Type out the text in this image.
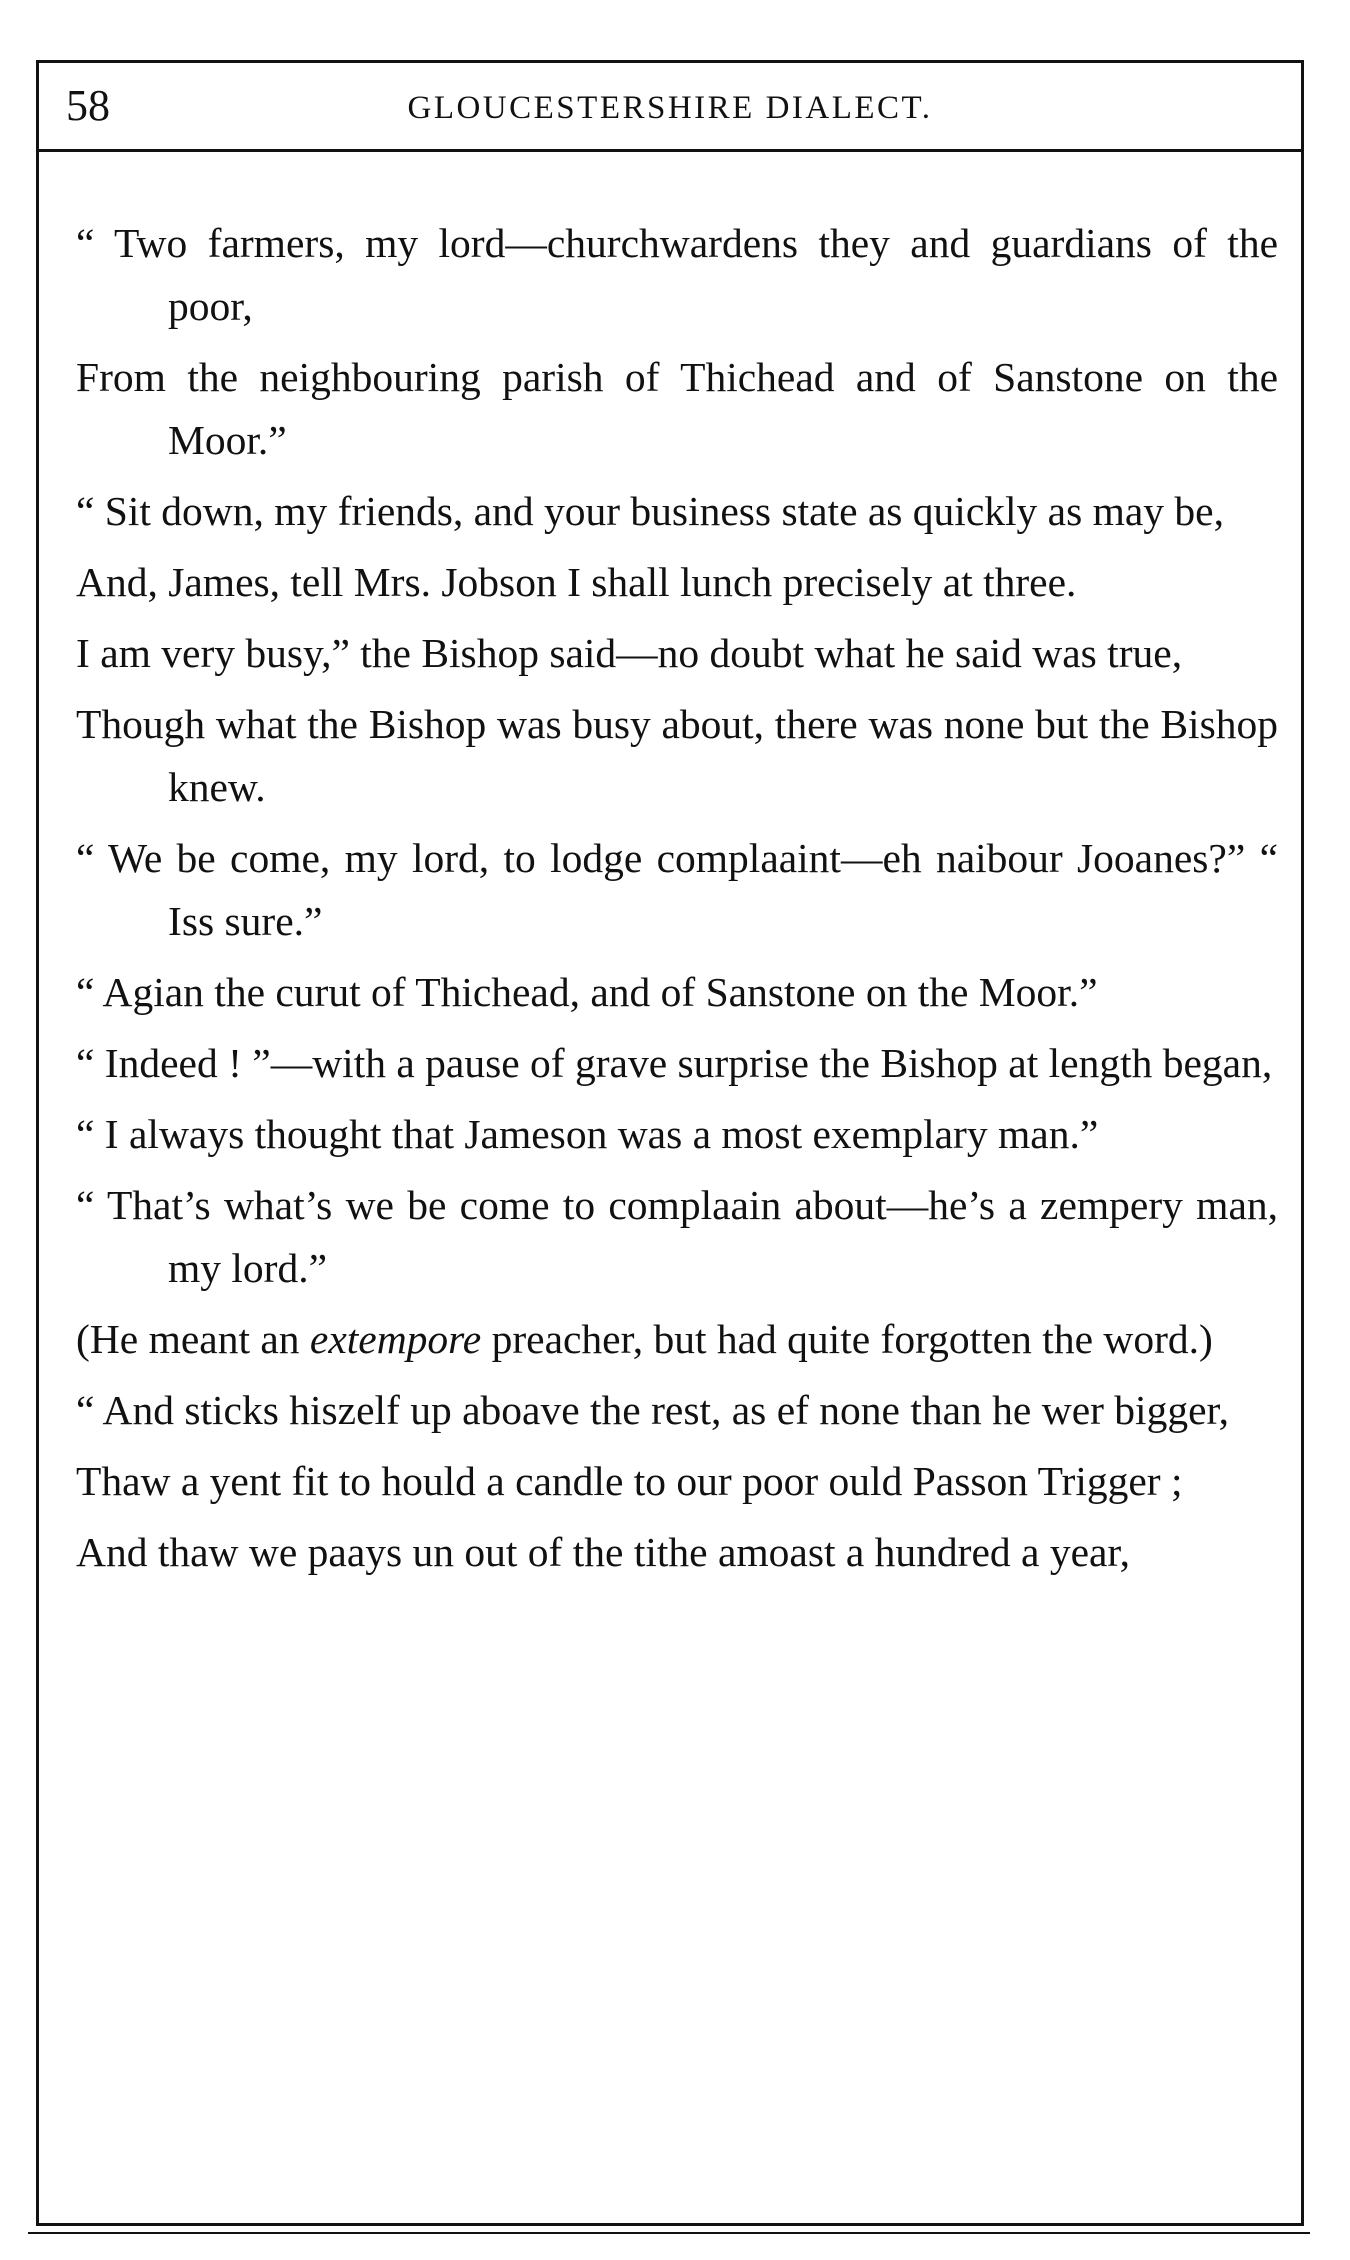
58	GLOUCESTERSHIRE DIALECT.

“ Two farmers, my lord—churchwardens they and guardians of the poor,

From the neighbouring parish of Thichead and of Sanstone on the Moor.”

“ Sit down, my friends, and your business state as quickly as may be,

And, James, tell Mrs. Jobson I shall lunch precisely at three.

I am very busy,” the Bishop said—no doubt what he said was true,

Though what the Bishop was busy about, there was none but the Bishop knew.

“ We be come, my lord, to lodge complaaint—eh naibour Jooanes?” “ Iss sure.”

“ Agian the curut of Thichead, and of Sanstone on the Moor.”

“ Indeed ! ”—with a pause of grave surprise the Bishop at length began,

“ I always thought that Jameson was a most exemplary man.”

“ That’s what’s we be come to complaain about—he’s a zempery man, my lord.”

(He meant an extempore preacher, but had quite forgotten the word.)

“ And sticks hiszelf up aboave the rest, as ef none than he wer bigger,

Thaw a yent fit to hould a candle to our poor ould Passon Trigger ;

And thaw we paays un out of the tithe amoast a hundred a year,
